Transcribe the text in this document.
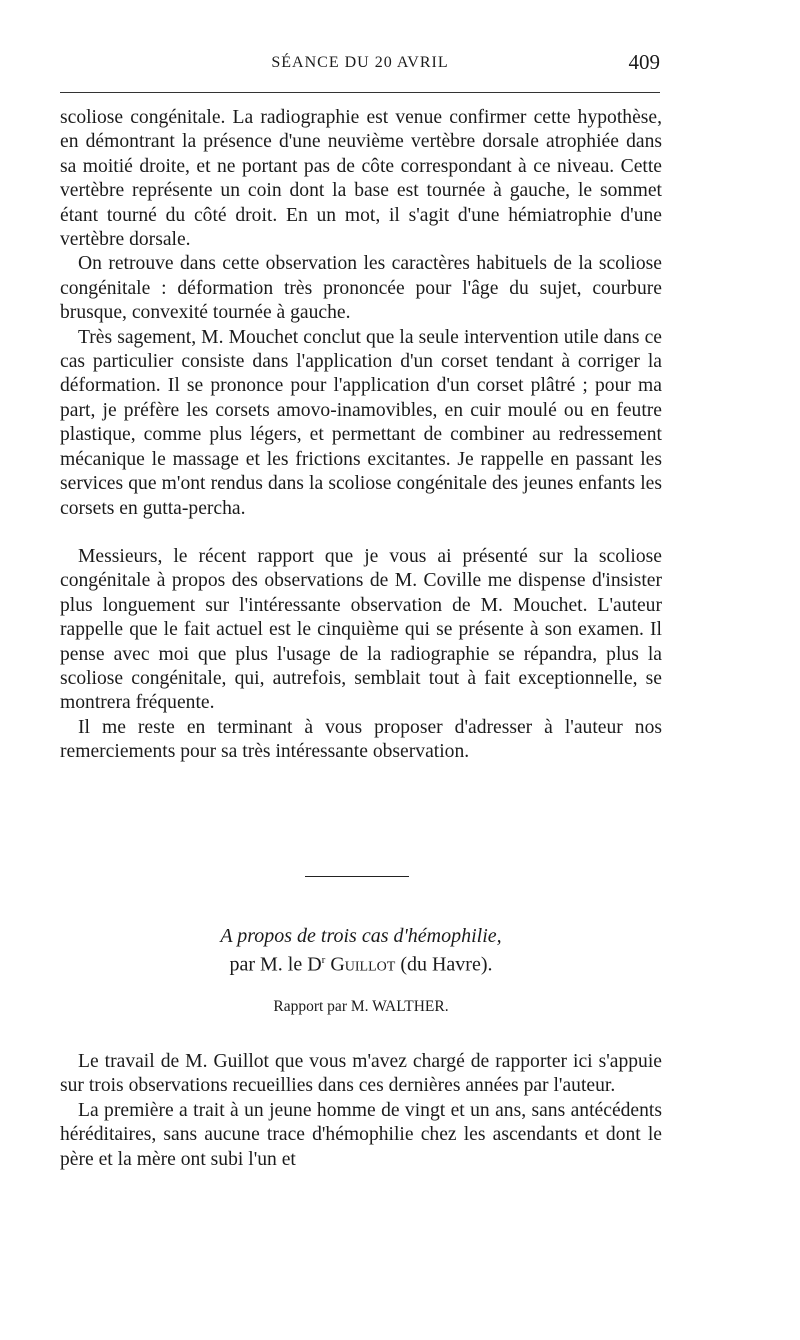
SÉANCE DU 20 AVRIL	409

scoliose congénitale. La radiographie est venue confirmer cette hypothèse, en démontrant la présence d'une neuvième vertèbre dorsale atrophiée dans sa moitié droite, et ne portant pas de côte correspondant à ce niveau. Cette vertèbre représente un coin dont la base est tournée à gauche, le sommet étant tourné du côté droit. En un mot, il s'agit d'une hémiatrophie d'une vertèbre dorsale.

On retrouve dans cette observation les caractères habituels de la scoliose congénitale : déformation très prononcée pour l'âge du sujet, courbure brusque, convexité tournée à gauche.

Très sagement, M. Mouchet conclut que la seule intervention utile dans ce cas particulier consiste dans l'application d'un corset tendant à corriger la déformation. Il se prononce pour l'application d'un corset plâtré ; pour ma part, je préfère les corsets amovo-inamovibles, en cuir moulé ou en feutre plastique, comme plus légers, et permettant de combiner au redressement mécanique le massage et les frictions excitantes. Je rappelle en passant les services que m'ont rendus dans la scoliose congénitale des jeunes enfants les corsets en gutta-percha.

Messieurs, le récent rapport que je vous ai présenté sur la scoliose congénitale à propos des observations de M. Coville me dispense d'insister plus longuement sur l'intéressante observation de M. Mouchet. L'auteur rappelle que le fait actuel est le cinquième qui se présente à son examen. Il pense avec moi que plus l'usage de la radiographie se répandra, plus la scoliose congénitale, qui, autrefois, semblait tout à fait exceptionnelle, se montrera fréquente.

Il me reste en terminant à vous proposer d'adresser à l'auteur nos remerciements pour sa très intéressante observation.

A propos de trois cas d'hémophilie,
par M. le $D^r$ Guillot (du Havre).
Rapport par M. WALTHER.

Le travail de M. Guillot que vous m'avez chargé de rapporter ici s'appuie sur trois observations recueillies dans ces dernières années par l'auteur.

La première a trait à un jeune homme de vingt et un ans, sans antécédents héréditaires, sans aucune trace d'hémophilie chez les ascendants et dont le père et la mère ont subi l'un et
